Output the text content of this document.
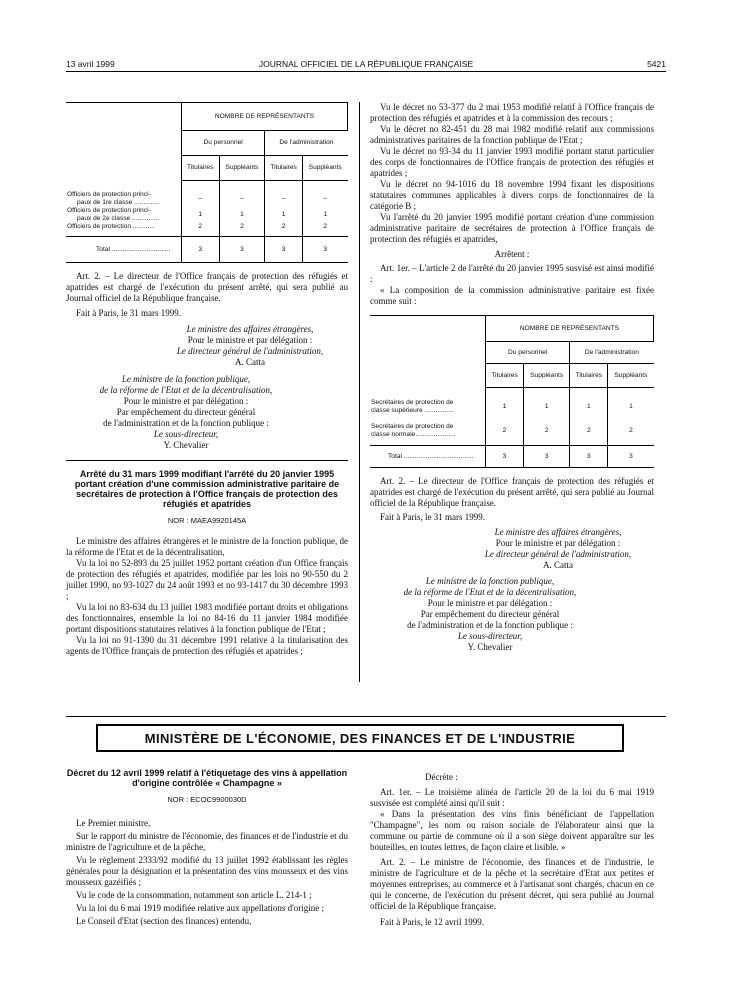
13 avril 1999	JOURNAL OFFICIEL DE LA RÉPUBLIQUE FRANÇAISE	5421
	NOMBRE DE REPRÉSENTANTS			
	Du personnel		De l'administration	
	Titulaires	Suppléants	Titulaires	Suppléants

Officiers de protection princi-
paux de 1re classe ..............	–	–	–	–
Officiers de protection princi-
paux de 2e classe ...............	1	1	1	1
Officiers de protection ............	2	2	2	2
Total ................................	3	3	3	3

Art. 2. – Le directeur de l'Office français de protection des réfugiés et apatrides est chargé de l'exécution du présent arrêté, qui sera publié au Journal officiel de la République française.

Fait à Paris, le 31 mars 1999.

Le ministre des affaires étrangères,
Pour le ministre et par délégation :
Le directeur général de l'administration,
A. Catta
Le ministre de la fonction publique,
de la réforme de l'Etat et de la décentralisation,
Pour le ministre et par délégation :
Par empêchement du directeur général
de l'administration et de la fonction publique :
Le sous-directeur,
Y. Chevalier

Arrêté du 31 mars 1999 modifiant l'arrêté du 20 janvier 1995 portant création d'une commission administrative paritaire de secrétaires de protection à l'Office français de protection des réfugiés et apatrides

NOR : MAEA9920145A

Le ministre des affaires étrangères et le ministre de la fonction publique, de la réforme de l'Etat et de la décentralisation,

Vu la loi no 52-893 du 25 juillet 1952 portant création d'un Office français de protection des réfugiés et apatrides, modifiée par les lois no 90-550 du 2 juillet 1990, no 93-1027 du 24 août 1993 et no 93-1417 du 30 décembre 1993 ;

Vu la loi no 83-634 du 13 juillet 1983 modifiée portant droits et obligations des fonctionnaires, ensemble la loi no 84-16 du 11 janvier 1984 modifiée portant dispositions statutaires relatives à la fonction publique de l'Etat ;

Vu la loi no 91-1390 du 31 décembre 1991 relative à la titularisation des agents de l'Office français de protection des réfugiés et apatrides ;

Vu le décret no 53-377 du 2 mai 1953 modifié relatif à l'Office français de protection des réfugiés et apatrides et à la commission des recours ;

Vu le décret no 82-451 du 28 mai 1982 modifié relatif aux commissions administratives paritaires de la fonction publique de l'Etat ;

Vu le décret no 93-34 du 11 janvier 1993 modifié portant statut particulier des corps de fonctionnaires de l'Office français de protection des réfugiés et apatrides ;

Vu le décret no 94-1016 du 18 novembre 1994 fixant les dispositions statutaires communes applicables à divers corps de fonctionnaires de la catégorie B ;

Vu l'arrêté du 20 janvier 1995 modifié portant création d'une commission administrative paritaire de secrétaires de protection à l'Office français de protection des réfugiés et apatrides,

Arrêtent :

Art. 1er. – L'article 2 de l'arrêté du 20 janvier 1995 susvisé est ainsi modifié :

« La composition de la commission administrative paritaire est fixée comme suit :

	NOMBRE DE REPRÉSENTANTS			
	Du personnel		De l'administration	
	Titulaires	Suppléants	Titulaires	Suppléants

Secrétaires de protection de
classe supérieure ................	1	1	1	1
Secrétaires de protection de
classe normale......................	2	2	2	2
Total ......................................	3	3	3	3

Art. 2. – Le directeur de l'Office français de protection des réfugiés et apatrides est chargé de l'exécution du présent arrêté, qui sera publié au Journal officiel de la République française.

Fait à Paris, le 31 mars 1999.

Le ministre des affaires étrangères,
Pour le ministre et par délégation :
Le directeur général de l'administration,
A. Catta
Le ministre de la fonction publique,
de la réforme de l'Etat et de la décentralisation,
Pour le ministre et par délégation :
Par empêchement du directeur général
de l'administration et de la fonction publique :
Le sous-directeur,
Y. Chevalier
MINISTÈRE DE L'ÉCONOMIE, DES FINANCES ET DE L'INDUSTRIE

Décret du 12 avril 1999 relatif à l'étiquetage des vins à appellation d'origine contrôlée « Champagne »

NOR : ECOC9900030D

Le Premier ministre,

Sur le rapport du ministre de l'économie, des finances et de l'industrie et du ministre de l'agriculture et de la pêche,

Vu le règlement 2333/92 modifié du 13 juillet 1992 établissant les règles générales pour la désignation et la présentation des vins mousseux et des vins mousseux gazéifiés ;

Vu le code de la consommation, notamment son article L. 214-1 ;

Vu la loi du 6 mai 1919 modifiée relative aux appellations d'origine ;

Le Conseil d'Etat (section des finances) entendu,

Décrète :

Art. 1er. – Le troisième alinéa de l'article 20 de la loi du 6 mai 1919 susvisée est complété ainsi qu'il suit :

« Dans la présentation des vins finis bénéficiant de l'appellation "Champagne", les nom ou raison sociale de l'élaborateur ainsi que la commune ou partie de commune où il a son siège doivent apparaître sur les bouteilles, en toutes lettres, de façon claire et lisible. »

Art. 2. – Le ministre de l'économie, des finances et de l'industrie, le ministre de l'agriculture et de la pêche et la secrétaire d'Etat aux petites et moyennes entreprises, au commerce et à l'artisanat sont chargés, chacun en ce qui le concerne, de l'exécution du présent décret, qui sera publié au Journal officiel de la République française.

Fait à Paris, le 12 avril 1999.
